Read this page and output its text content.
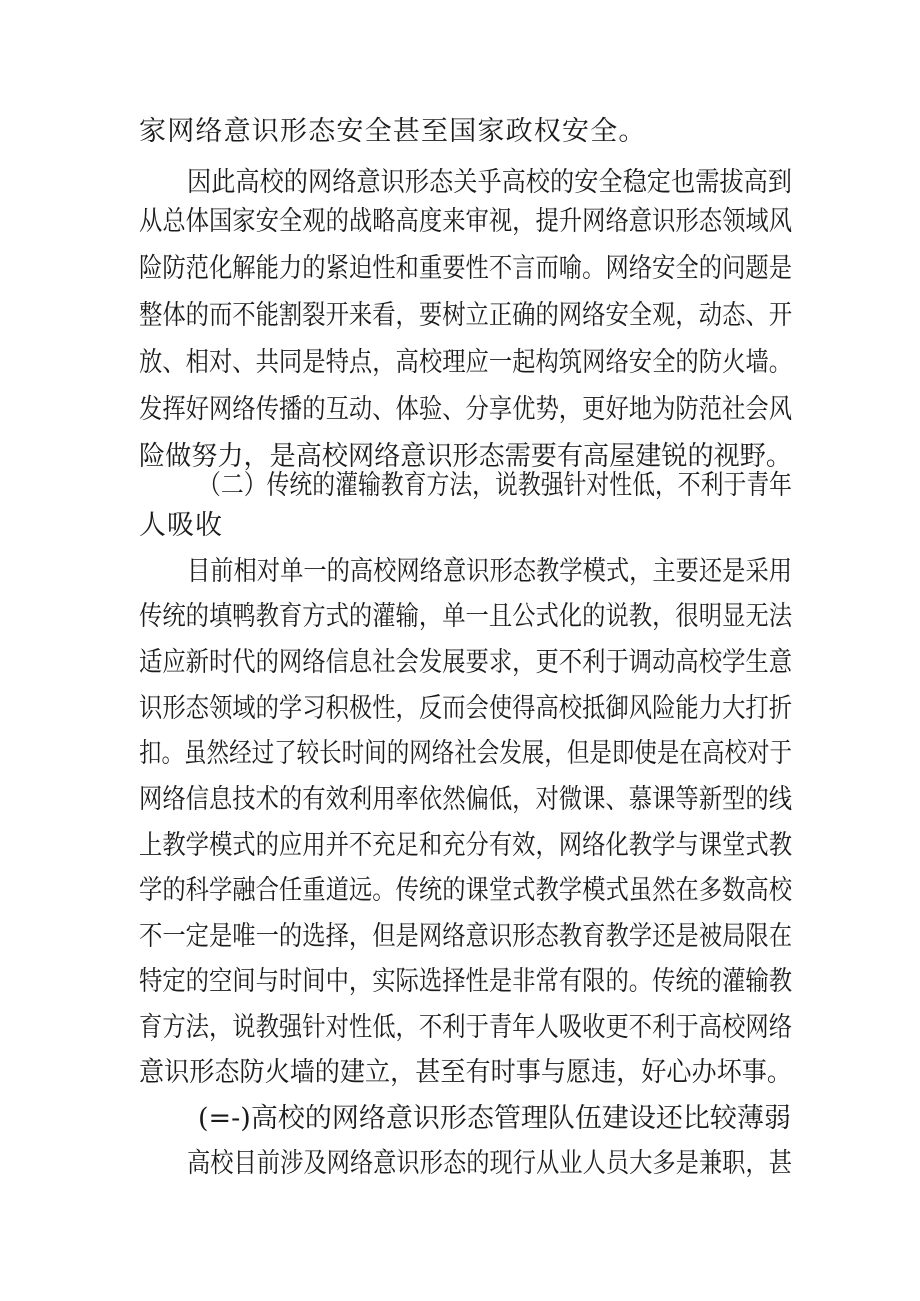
家网络意识形态安全甚至国家政权安全。
因此高校的网络意识形态关乎高校的安全稳定也需拔高到
从总体国家安全观的战略高度来审视，提升网络意识形态领域风
险防范化解能力的紧迫性和重要性不言而喻。网络安全的问题是
整体的而不能割裂开来看，要树立正确的网络安全观，动态、开
放、相对、共同是特点，高校理应一起构筑网络安全的防火墙。
发挥好网络传播的互动、体验、分享优势，更好地为防范社会风
险做努力，是高校网络意识形态需要有高屋建锐的视野。
（二）传统的灌输教育方法，说教强针对性低，不利于青年
人吸收
目前相对单一的高校网络意识形态教学模式，主要还是采用
传统的填鸭教育方式的灌输，单一且公式化的说教，很明显无法
适应新时代的网络信息社会发展要求，更不利于调动高校学生意
识形态领域的学习积极性，反而会使得高校抵御风险能力大打折
扣。虽然经过了较长时间的网络社会发展，但是即使是在高校对于
网络信息技术的有效利用率依然偏低，对微课、慕课等新型的线
上教学模式的应用并不充足和充分有效，网络化教学与课堂式教
学的科学融合任重道远。传统的课堂式教学模式虽然在多数高校
不一定是唯一的选择，但是网络意识形态教育教学还是被局限在
特定的空间与时间中，实际选择性是非常有限的。传统的灌输教
育方法，说教强针对性低，不利于青年人吸收更不利于高校网络
意识形态防火墙的建立，甚至有时事与愿违，好心办坏事。
(=-)高校的网络意识形态管理队伍建设还比较薄弱
高校目前涉及网络意识形态的现行从业人员大多是兼职，甚
